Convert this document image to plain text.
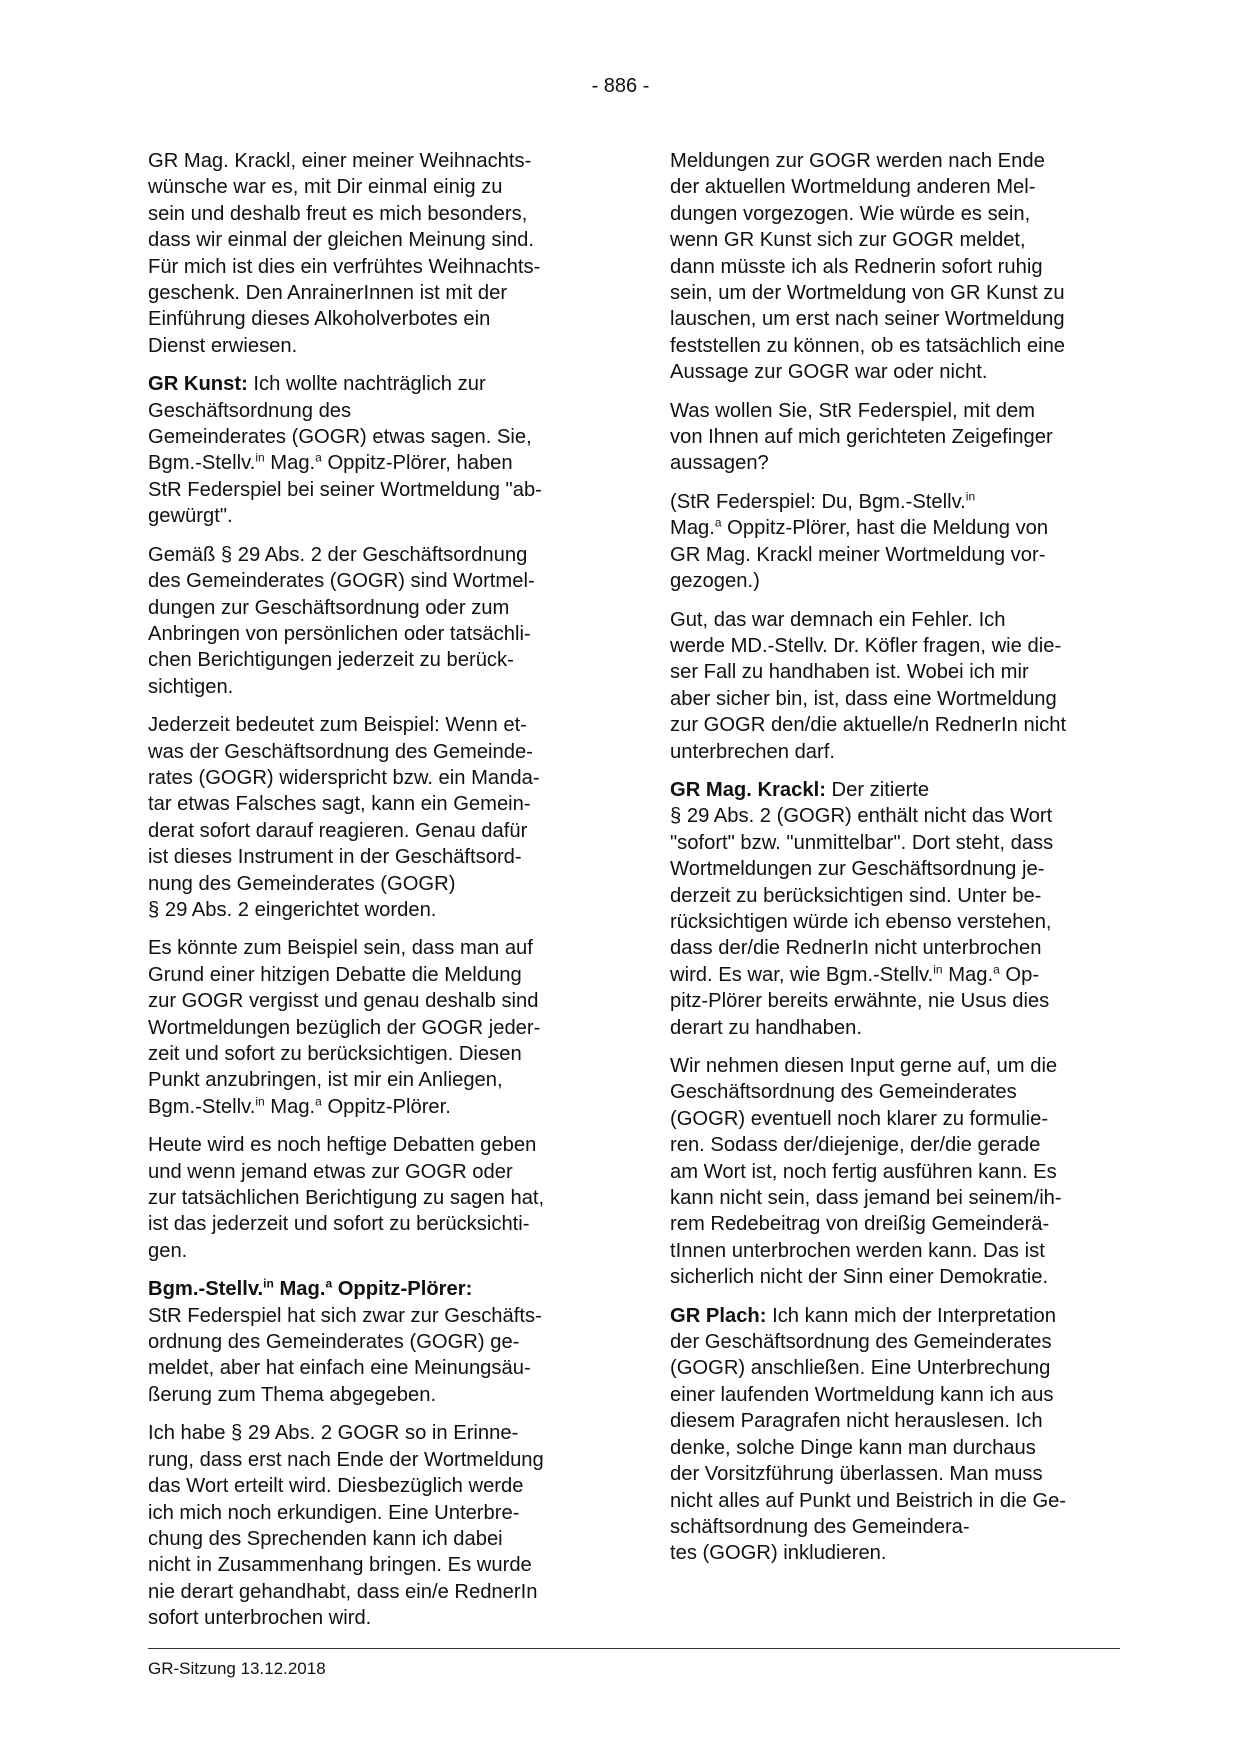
- 886 -

GR Mag. Krackl, einer meiner Weihnachts-
wünsche war es, mit Dir einmal einig zu
sein und deshalb freut es mich besonders,
dass wir einmal der gleichen Meinung sind.
Für mich ist dies ein verfrühtes Weihnachts-
geschenk. Den AnrainerInnen ist mit der
Einführung dieses Alkoholverbotes ein
Dienst erwiesen.

GR Kunst: Ich wollte nachträglich zur
Geschäftsordnung des
Gemeinderates (GOGR) etwas sagen. Sie,
Bgm.-Stellv.$^{in}$ Mag.$^a$ Oppitz-Plörer, haben
StR Federspiel bei seiner Wortmeldung "ab-
gewürgt".

Gemäß § 29 Abs. 2 der Geschäftsordnung
des Gemeinderates (GOGR) sind Wortmel-
dungen zur Geschäftsordnung oder zum
Anbringen von persönlichen oder tatsächli-
chen Berichtigungen jederzeit zu berück-
sichtigen.

Jederzeit bedeutet zum Beispiel: Wenn et-
was der Geschäftsordnung des Gemeinde-
rates (GOGR) widerspricht bzw. ein Manda-
tar etwas Falsches sagt, kann ein Gemein-
derat sofort darauf reagieren. Genau dafür
ist dieses Instrument in der Geschäftsord-
nung des Gemeinderates (GOGR)
§ 29 Abs. 2 eingerichtet worden.

Es könnte zum Beispiel sein, dass man auf
Grund einer hitzigen Debatte die Meldung
zur GOGR vergisst und genau deshalb sind
Wortmeldungen bezüglich der GOGR jeder-
zeit und sofort zu berücksichtigen. Diesen
Punkt anzubringen, ist mir ein Anliegen,
Bgm.-Stellv.$^{in}$ Mag.$^a$ Oppitz-Plörer.

Heute wird es noch heftige Debatten geben
und wenn jemand etwas zur GOGR oder
zur tatsächlichen Berichtigung zu sagen hat,
ist das jederzeit und sofort zu berücksichti-
gen.

Bgm.-Stellv.$^{in}$ Mag.$^a$ Oppitz-Plörer:
StR Federspiel hat sich zwar zur Geschäfts-
ordnung des Gemeinderates (GOGR) ge-
meldet, aber hat einfach eine Meinungsäu-
ßerung zum Thema abgegeben.

Ich habe § 29 Abs. 2 GOGR so in Erinne-
rung, dass erst nach Ende der Wortmeldung
das Wort erteilt wird. Diesbezüglich werde
ich mich noch erkundigen. Eine Unterbre-
chung des Sprechenden kann ich dabei
nicht in Zusammenhang bringen. Es wurde
nie derart gehandhabt, dass ein/e RednerIn
sofort unterbrochen wird.

Meldungen zur GOGR werden nach Ende
der aktuellen Wortmeldung anderen Mel-
dungen vorgezogen. Wie würde es sein,
wenn GR Kunst sich zur GOGR meldet,
dann müsste ich als Rednerin sofort ruhig
sein, um der Wortmeldung von GR Kunst zu
lauschen, um erst nach seiner Wortmeldung
feststellen zu können, ob es tatsächlich eine
Aussage zur GOGR war oder nicht.

Was wollen Sie, StR Federspiel, mit dem
von Ihnen auf mich gerichteten Zeigefinger
aussagen?

(StR Federspiel: Du, Bgm.-Stellv.$^{in}$
Mag.$^a$ Oppitz-Plörer, hast die Meldung von
GR Mag. Krackl meiner Wortmeldung vor-
gezogen.)

Gut, das war demnach ein Fehler. Ich
werde MD.-Stellv. Dr. Köfler fragen, wie die-
ser Fall zu handhaben ist. Wobei ich mir
aber sicher bin, ist, dass eine Wortmeldung
zur GOGR den/die aktuelle/n RednerIn nicht
unterbrechen darf.

GR Mag. Krackl: Der zitierte
§ 29 Abs. 2 (GOGR) enthält nicht das Wort
"sofort" bzw. "unmittelbar". Dort steht, dass
Wortmeldungen zur Geschäftsordnung je-
derzeit zu berücksichtigen sind. Unter be-
rücksichtigen würde ich ebenso verstehen,
dass der/die RednerIn nicht unterbrochen
wird. Es war, wie Bgm.-Stellv.$^{in}$ Mag.$^a$ Op-
pitz-Plörer bereits erwähnte, nie Usus dies
derart zu handhaben.

Wir nehmen diesen Input gerne auf, um die
Geschäftsordnung des Gemeinderates
(GOGR) eventuell noch klarer zu formulie-
ren. Sodass der/diejenige, der/die gerade
am Wort ist, noch fertig ausführen kann. Es
kann nicht sein, dass jemand bei seinem/ih-
rem Redebeitrag von dreißig Gemeinderä-
tInnen unterbrochen werden kann. Das ist
sicherlich nicht der Sinn einer Demokratie.

GR Plach: Ich kann mich der Interpretation
der Geschäftsordnung des Gemeinderates
(GOGR) anschließen. Eine Unterbrechung
einer laufenden Wortmeldung kann ich aus
diesem Paragrafen nicht herauslesen. Ich
denke, solche Dinge kann man durchaus
der Vorsitzführung überlassen. Man muss
nicht alles auf Punkt und Beistrich in die Ge-
schäftsordnung des Gemeindera-
tes (GOGR) inkludieren.

GR-Sitzung 13.12.2018
